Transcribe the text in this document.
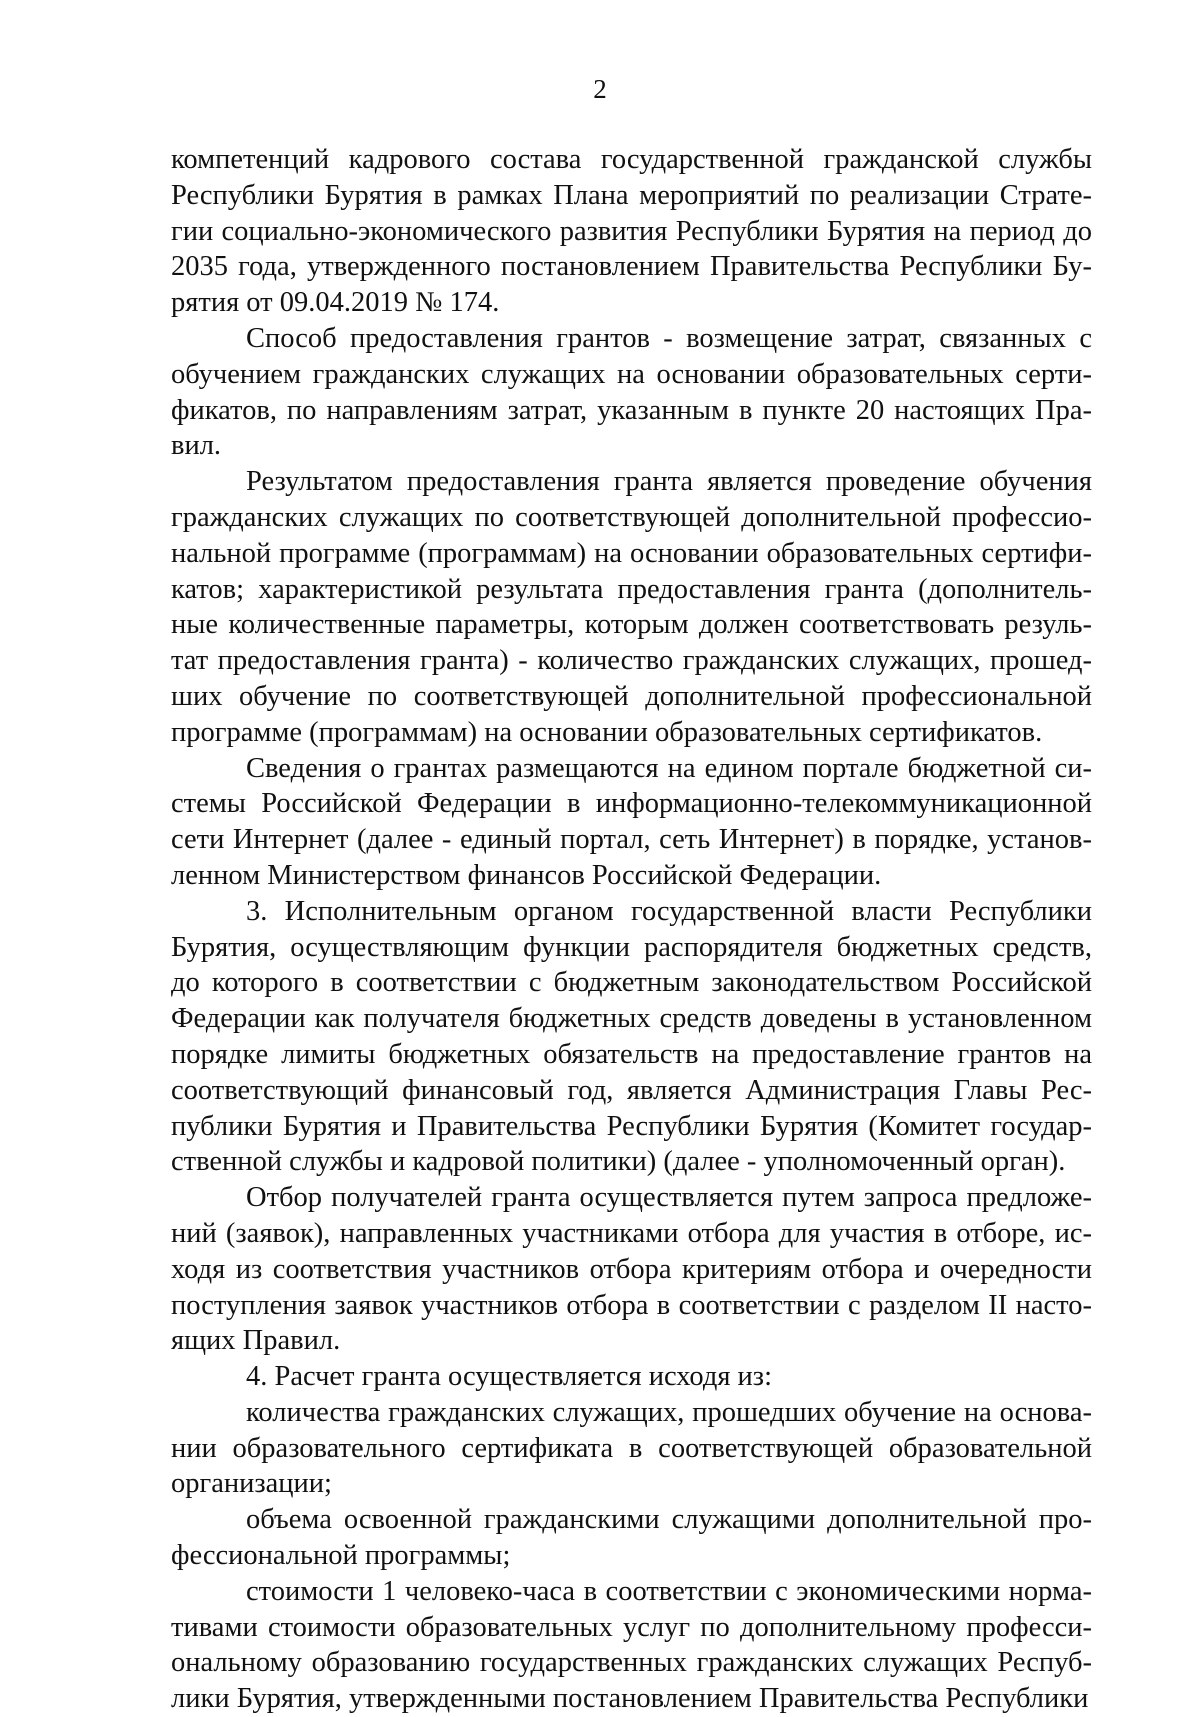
2

компетенций кадрового состава государственной гражданской службы Республики Бурятия в рамках Плана мероприятий по реализации Стратегии социально-экономического развития Республики Бурятия на период до 2035 года, утвержденного постановлением Правительства Республики Бурятия от 09.04.2019 № 174.

Способ предоставления грантов - возмещение затрат, связанных с обучением гражданских служащих на основании образовательных сертификатов, по направлениям затрат, указанным в пункте 20 настоящих Правил.

Результатом предоставления гранта является проведение обучения гражданских служащих по соответствующей дополнительной профессиональной программе (программам) на основании образовательных сертификатов; характеристикой результата предоставления гранта (дополнительные количественные параметры, которым должен соответствовать результат предоставления гранта) - количество гражданских служащих, прошедших обучение по соответствующей дополнительной профессиональной программе (программам) на основании образовательных сертификатов.

Сведения о грантах размещаются на едином портале бюджетной системы Российской Федерации в информационно-телекоммуникационной сети Интернет (далее - единый портал, сеть Интернет) в порядке, установленном Министерством финансов Российской Федерации.

3. Исполнительным органом государственной власти Республики Бурятия, осуществляющим функции распорядителя бюджетных средств, до которого в соответствии с бюджетным законодательством Российской Федерации как получателя бюджетных средств доведены в установленном порядке лимиты бюджетных обязательств на предоставление грантов на соответствующий финансовый год, является Администрация Главы Республики Бурятия и Правительства Республики Бурятия (Комитет государственной службы и кадровой политики) (далее - уполномоченный орган).

Отбор получателей гранта осуществляется путем запроса предложений (заявок), направленных участниками отбора для участия в отборе, исходя из соответствия участников отбора критериям отбора и очередности поступления заявок участников отбора в соответствии с разделом II настоящих Правил.

4. Расчет гранта осуществляется исходя из:

количества гражданских служащих, прошедших обучение на основании образовательного сертификата в соответствующей образовательной организации;

объема освоенной гражданскими служащими дополнительной профессиональной программы;

стоимости 1 человеко-часа в соответствии с экономическими нормативами стоимости образовательных услуг по дополнительному профессиональному образованию государственных гражданских служащих Республики Бурятия, утвержденными постановлением Правительства Республики
